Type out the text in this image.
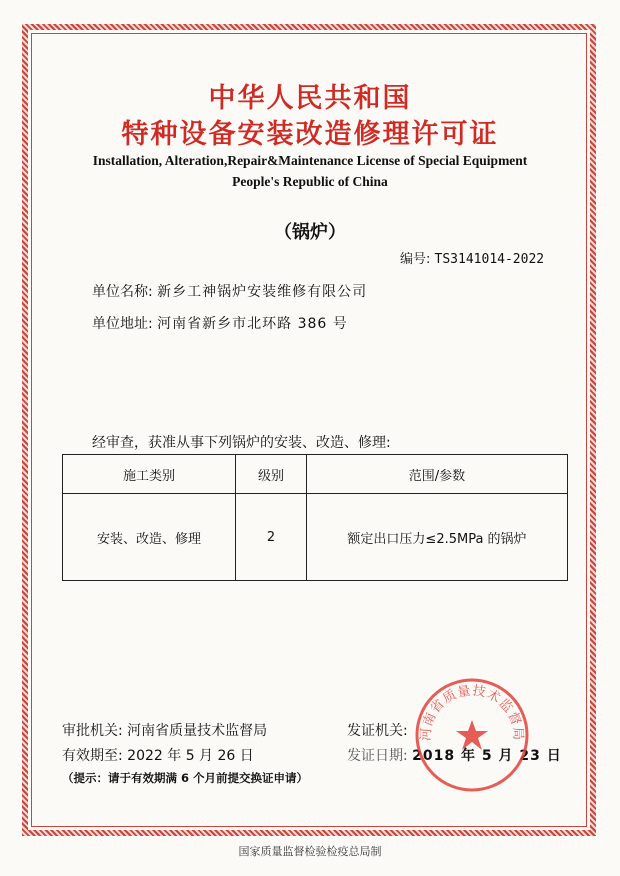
中华人民共和国
特种设备安装改造修理许可证
Installation, Alteration,Repair&Maintenance License of Special Equipment
People's Republic of China
（锅炉）
编号: TS3141014-2022
单位名称: 新乡工神锅炉安装维修有限公司
单位地址: 河南省新乡市北环路 386 号
经审查，获准从事下列锅炉的安装、改造、修理:
施工类别	级别	范围/参数
安装、改造、修理	2	额定出口压力≤2.5MPa 的锅炉
审批机关: 河南省质量技术监督局
有效期至: 2022 年 5 月 26 日
（提示：请于有效期满 6 个月前提交换证申请）
发证机关:
发证日期: 2018 年 5 月 23 日
河南省质量技术监督局
国家质量监督检验检疫总局制
